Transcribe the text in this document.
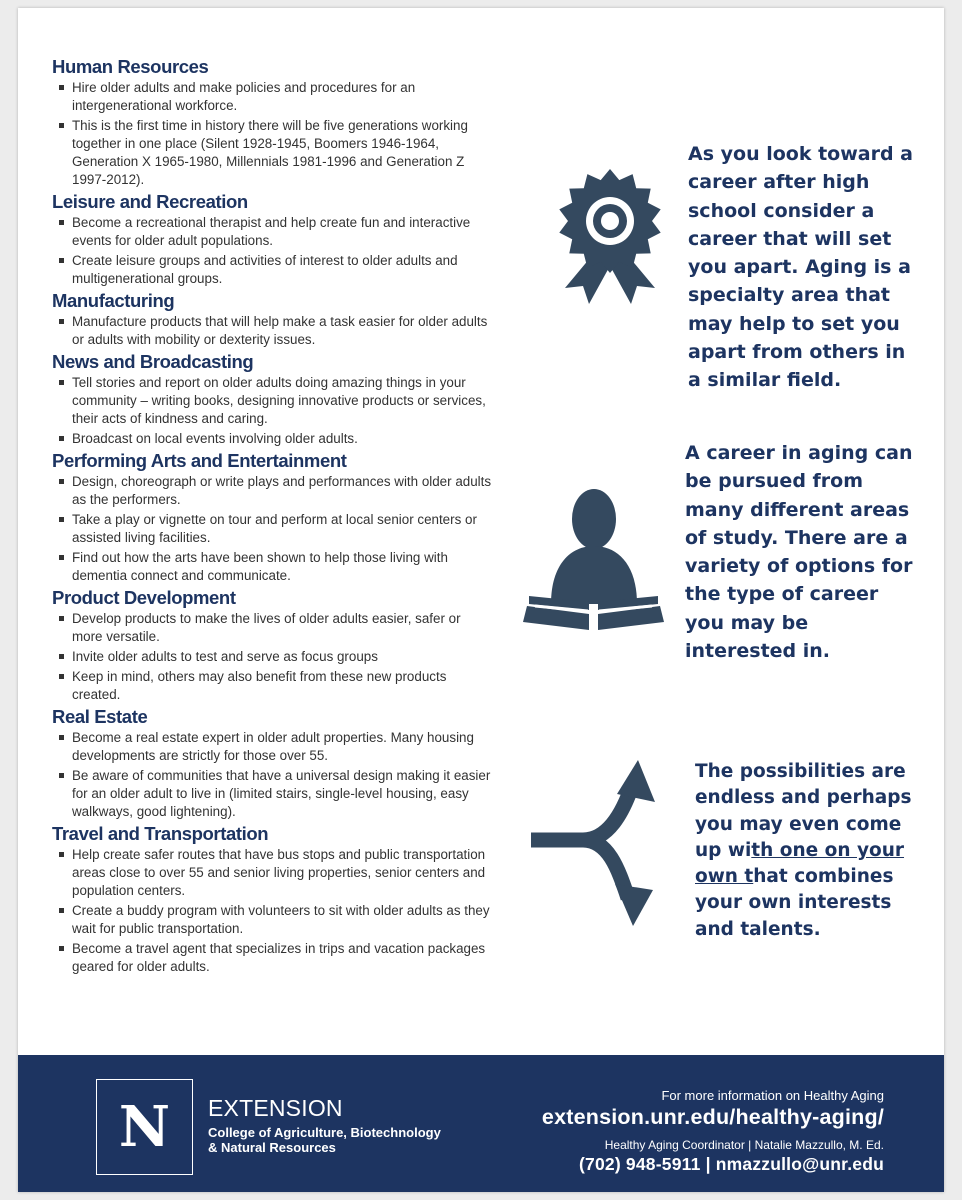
Human Resources
Hire older adults and make policies and procedures for an intergenerational workforce.
This is the first time in history there will be five generations working together in one place (Silent 1928-1945, Boomers 1946-1964, Generation X 1965-1980, Millennials 1981-1996 and Generation Z 1997-2012).
Leisure and Recreation
Become a recreational therapist and help create fun and interactive events for older adult populations.
Create leisure groups and activities of interest to older adults and multigenerational groups.
Manufacturing
Manufacture products that will help make a task easier for older adults or adults with mobility or dexterity issues.
News and Broadcasting
Tell stories and report on older adults doing amazing things in your community – writing books, designing innovative products or services, their acts of kindness and caring.
Broadcast on local events involving older adults.
Performing Arts and Entertainment
Design, choreograph or write plays and performances with older adults as the performers.
Take a play or vignette on tour and perform at local senior centers or assisted living facilities.
Find out how the arts have been shown to help those living with dementia connect and communicate.
Product Development
Develop products to make the lives of older adults easier, safer or more versatile.
Invite older adults to test and serve as focus groups
Keep in mind, others may also benefit from these new products created.
Real Estate
Become a real estate expert in older adult properties. Many housing developments are strictly for those over 55.
Be aware of communities that have a universal design making it easier for an older adult to live in (limited stairs, single-level housing, easy walkways, good lightening).
Travel and Transportation
Help create safer routes that have bus stops and public transportation areas close to over 55 and senior living properties, senior centers and population centers.
Create a buddy program with volunteers to sit with older adults as they wait for public transportation.
Become a travel agent that specializes in trips and vacation packages geared for older adults.
As you look toward a career after high school consider a career that will set you apart. Aging is a specialty area that may help to set you apart from others in a similar field.
A career in aging can be pursued from many different areas of study. There are a variety of options for the type of career you may be interested in.
The possibilities are endless and perhaps you may even come up with one on your own that combines your own interests and talents.
N EXTENSION
College of Agriculture, Biotechnology & Natural Resources
For more information on Healthy Aging
extension.unr.edu/healthy-aging/
Healthy Aging Coordinator | Natalie Mazzullo, M. Ed.
(702) 948-5911 | nmazzullo@unr.edu
